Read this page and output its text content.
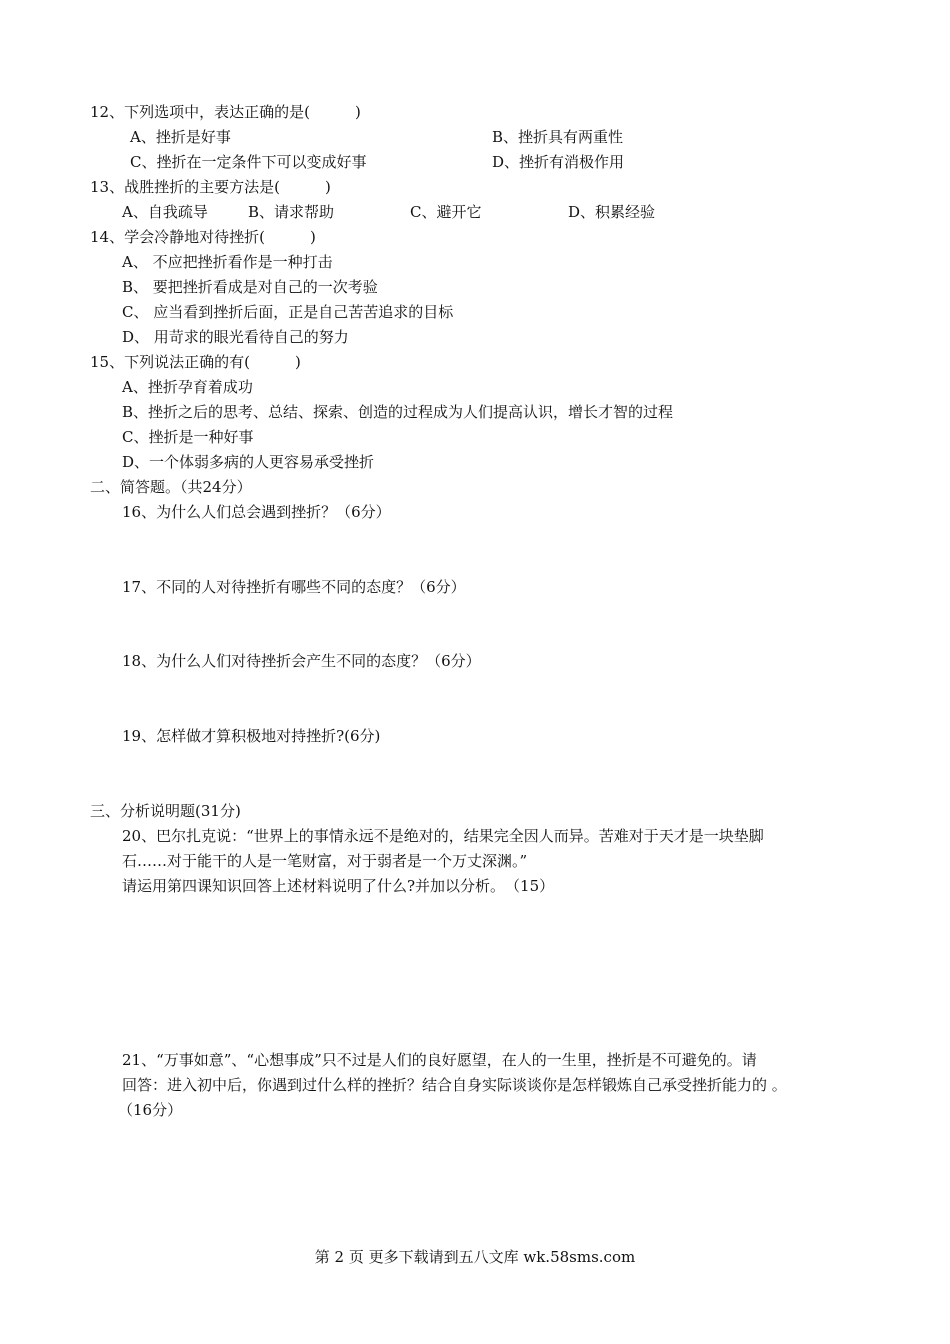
12、下列选项中，表达正确的是(　　　)
A、挫折是好事	B、挫折具有两重性
C、挫折在一定条件下可以变成好事	D、挫折有消极作用
13、战胜挫折的主要方法是(　　　)
A、自我疏导	B、请求帮助	C、避开它	D、积累经验
14、学会冷静地对待挫折(　　　)
A、 不应把挫折看作是一种打击
B、 要把挫折看成是对自己的一次考验
C、 应当看到挫折后面，正是自己苦苦追求的目标
D、 用苛求的眼光看待自己的努力
15、下列说法正确的有(　　　)
A、挫折孕育着成功
B、挫折之后的思考、总结、探索、创造的过程成为人们提高认识，增长才智的过程
C、挫折是一种好事
D、一个体弱多病的人更容易承受挫折
二、简答题。（共24分）
16、为什么人们总会遇到挫折？（6分）
17、不同的人对待挫折有哪些不同的态度？（6分）
18、为什么人们对待挫折会产生不同的态度？（6分）
19、怎样做才算积极地对持挫折?(6分)
三、分析说明题(31分)
20、巴尔扎克说：“世界上的事情永远不是绝对的，结果完全因人而异。苦难对于天才是一块垫脚
石……对于能干的人是一笔财富，对于弱者是一个万丈深渊。”
请运用第四课知识回答上述材料说明了什么?并加以分析。　（15）
21、“万事如意”、“心想事成”只不过是人们的良好愿望，在人的一生里，挫折是不可避免的。请
回答：进入初中后，你遇到过什么样的挫折？结合自身实际谈谈你是怎样锻炼自己承受挫折能力的 。
（16分）
第 2 页 更多下载请到五八文库 wk.58sms.com
